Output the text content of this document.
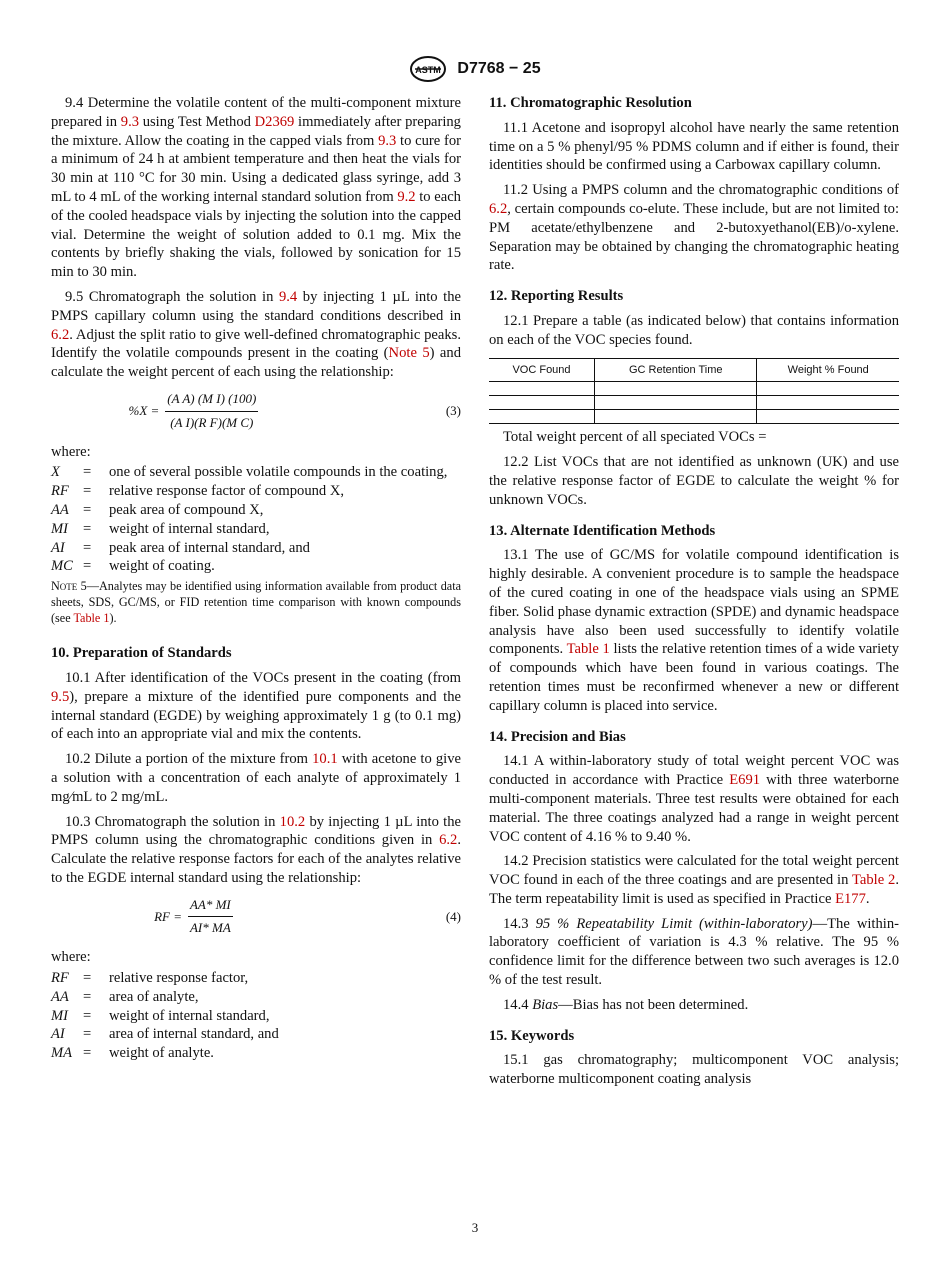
ASTM D7768 − 25

9.4 Determine the volatile content of the multi-component mixture prepared in 9.3 using Test Method D2369 immediately after preparing the mixture. Allow the coating in the capped vials from 9.3 to cure for a minimum of 24 h at ambient temperature and then heat the vials for 30 min at 110 °C for 30 min. Using a dedicated glass syringe, add 3 mL to 4 mL of the working internal standard solution from 9.2 to each of the cooled headspace vials by injecting the solution into the capped vial. Determine the weight of solution added to 0.1 mg. Mix the contents by briefly shaking the vials, followed by sonication for 15 min to 30 min.

9.5 Chromatograph the solution in 9.4 by injecting 1 µL into the PMPS capillary column using the standard conditions described in 6.2. Adjust the split ratio to give well-defined chromatographic peaks. Identify the volatile compounds present in the coating (Note 5) and calculate the weight percent of each using the relationship:

$\%X = \frac{\text{(A A) (M I) (100)}}{\text{(A I)(R F)(M C)}}$	(3)
where:
X	=	one of several possible volatile compounds in the coating,
RF =	relative response factor of compound X,
AA =	peak area of compound X,
MI	=	weight of internal standard,
AI	=	peak area of internal standard, and
MC =	weight of coating.
Note 5—Analytes may be identified using information available from product data sheets, SDS, GC/MS, or FID retention time comparison with known compounds (see Table 1).
10. Preparation of Standards

10.1 After identification of the VOCs present in the coating (from 9.5), prepare a mixture of the identified pure components and the internal standard (EGDE) by weighing approximately 1 g (to 0.1 mg) of each into an appropriate vial and mix the contents.

10.2 Dilute a portion of the mixture from 10.1 with acetone to give a solution with a concentration of each analyte of approximately 1 mg⁄mL to 2 mg/mL.

10.3 Chromatograph the solution in 10.2 by injecting 1 µL into the PMPS column using the chromatographic conditions given in 6.2. Calculate the relative response factors for each of the analytes relative to the EGDE internal standard using the relationship:

RF = $\frac{AA* MI}{AI* MA}$	(4)
where:
RF =	relative response factor,
AA =	area of analyte,
MI	=	weight of internal standard,
AI	=	area of internal standard, and
MA =	weight of analyte.
11. Chromatographic Resolution

11.1 Acetone and isopropyl alcohol have nearly the same retention time on a 5 % phenyl/95 % PDMS column and if either is found, their identities should be confirmed using a Carbowax capillary column.

11.2 Using a PMPS column and the chromatographic conditions of 6.2, certain compounds co-elute. These include, but are not limited to: PM acetate/ethylbenzene and 2-butoxyethanol(EB)/o-xylene. Separation may be obtained by changing the chromatographic heating rate.

12. Reporting Results

12.1 Prepare a table (as indicated below) that contains information on each of the VOC species found.

VOC Found	GC Retention Time	Weight % Found

Total weight percent of all speciated VOCs =

12.2 List VOCs that are not identified as unknown (UK) and use the relative response factor of EGDE to calculate the weight % for unknown VOCs.

13. Alternate Identification Methods

13.1 The use of GC/MS for volatile compound identification is highly desirable. A convenient procedure is to sample the headspace of the cured coating in one of the headspace vials using an SPME fiber. Solid phase dynamic extraction (SPDE) and dynamic headspace analysis have also been used successfully to identify volatile components. Table 1 lists the relative retention times of a wide variety of compounds which have been found in various coatings. The retention times must be reconfirmed whenever a new or different capillary column is placed into service.

14. Precision and Bias

14.1 A within-laboratory study of total weight percent VOC was conducted in accordance with Practice E691 with three waterborne multi-component materials. Three test results were obtained for each material. The three coatings analyzed had a range in weight percent VOC content of 4.16 % to 9.40 %.

14.2 Precision statistics were calculated for the total weight percent VOC found in each of the three coatings and are presented in Table 2. The term repeatability limit is used as specified in Practice E177.

14.3 95 % Repeatability Limit (within-laboratory)—The within-laboratory coefficient of variation is 4.3 % relative. The 95 % confidence limit for the difference between two such averages is 12.0 % of the test result.

14.4 Bias—Bias has not been determined.

15. Keywords

15.1 gas chromatography; multicomponent VOC analysis; waterborne multicomponent coating analysis

3
